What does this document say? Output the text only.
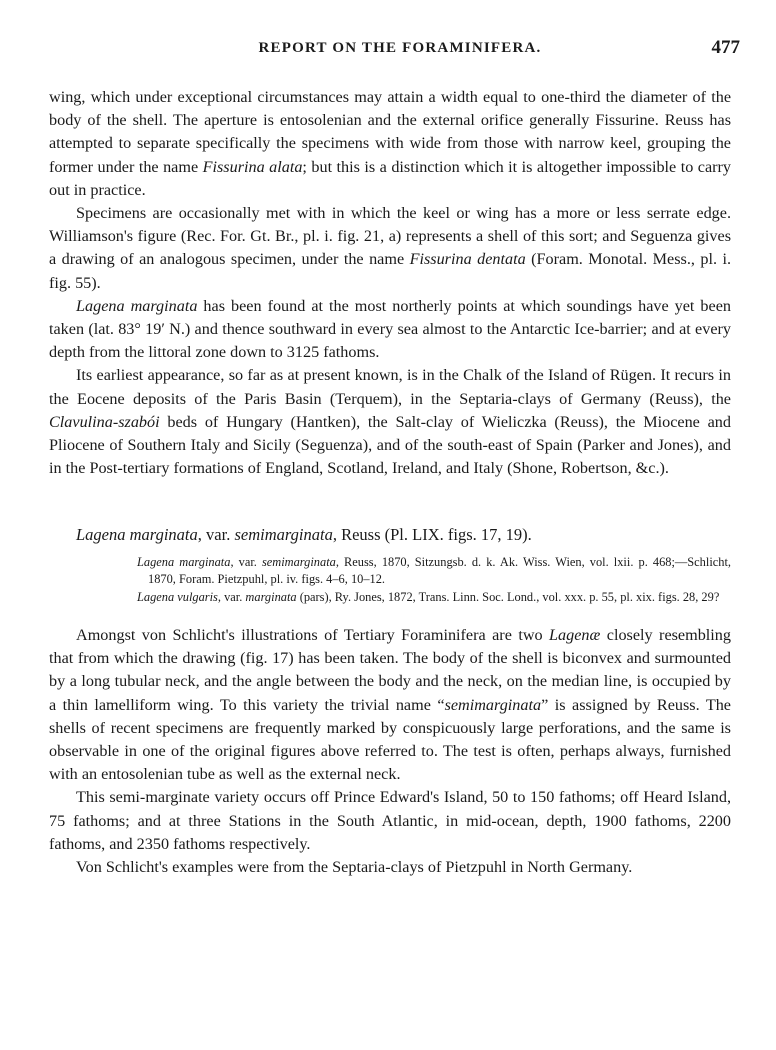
REPORT ON THE FORAMINIFERA.	477

wing, which under exceptional circumstances may attain a width equal to one-third the diameter of the body of the shell. The aperture is entosolenian and the external orifice generally Fissurine. Reuss has attempted to separate specifically the specimens with wide from those with narrow keel, grouping the former under the name Fissurina alata; but this is a distinction which it is altogether impossible to carry out in practice.

Specimens are occasionally met with in which the keel or wing has a more or less serrate edge. Williamson's figure (Rec. For. Gt. Br., pl. i. fig. 21, a) represents a shell of this sort; and Seguenza gives a drawing of an analogous specimen, under the name Fissurina dentata (Foram. Monotal. Mess., pl. i. fig. 55).

Lagena marginata has been found at the most northerly points at which soundings have yet been taken (lat. 83° 19′ N.) and thence southward in every sea almost to the Antarctic Ice-barrier; and at every depth from the littoral zone down to 3125 fathoms.

Its earliest appearance, so far as at present known, is in the Chalk of the Island of Rügen. It recurs in the Eocene deposits of the Paris Basin (Terquem), in the Septaria-clays of Germany (Reuss), the Clavulina-szabói beds of Hungary (Hantken), the Salt-clay of Wieliczka (Reuss), the Miocene and Pliocene of Southern Italy and Sicily (Seguenza), and of the south-east of Spain (Parker and Jones), and in the Post-tertiary formations of England, Scotland, Ireland, and Italy (Shone, Robertson, &c.).

Lagena marginata, var. semimarginata, Reuss (Pl. LIX. figs. 17, 19).

Lagena marginata, var. semimarginata, Reuss, 1870, Sitzungsb. d. k. Ak. Wiss. Wien, vol. lxii. p. 468;—Schlicht, 1870, Foram. Pietzpuhl, pl. iv. figs. 4–6, 10–12.

Lagena vulgaris, var. marginata (pars), Ry. Jones, 1872, Trans. Linn. Soc. Lond., vol. xxx. p. 55, pl. xix. figs. 28, 29?

Amongst von Schlicht's illustrations of Tertiary Foraminifera are two Lagenæ closely resembling that from which the drawing (fig. 17) has been taken. The body of the shell is biconvex and surmounted by a long tubular neck, and the angle between the body and the neck, on the median line, is occupied by a thin lamelliform wing. To this variety the trivial name “semimarginata” is assigned by Reuss. The shells of recent specimens are frequently marked by conspicuously large perforations, and the same is observable in one of the original figures above referred to. The test is often, perhaps always, furnished with an entosolenian tube as well as the external neck.

This semi-marginate variety occurs off Prince Edward's Island, 50 to 150 fathoms; off Heard Island, 75 fathoms; and at three Stations in the South Atlantic, in mid-ocean, depth, 1900 fathoms, 2200 fathoms, and 2350 fathoms respectively.

Von Schlicht's examples were from the Septaria-clays of Pietzpuhl in North Germany.
